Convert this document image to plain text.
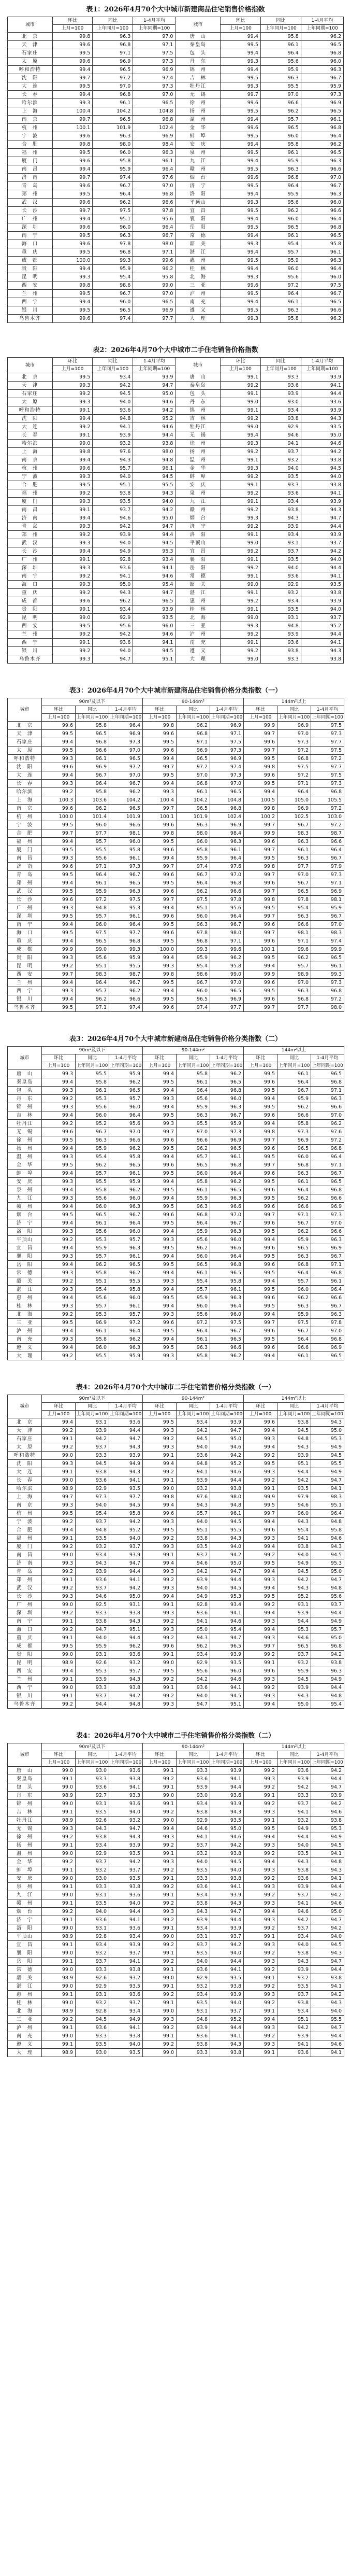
表1：2026年4月70个大中城市新建商品住宅销售价格指数
城市	环比	同比	1-4月平均	城市	环比	同比	1-4月平均
	上月=100	上年同月=100	上年同期=100		上月=100	上年同月=100	上年同期=100
北　京	99.8	96.3	97.0	唐　山	99.4	95.8	96.2
天　津	99.6	96.8	97.1	秦皇岛	99.5	96.1	96.5
石家庄	99.5	97.1	97.5	包　头	99.4	96.4	96.8
太　原	99.6	96.9	97.3	丹　东	99.3	95.6	96.0
呼和浩特	99.4	96.5	96.9	锦　州	99.4	95.9	96.3
沈　阳	99.7	97.2	97.4	吉　林	99.5	96.3	96.7
大　连	99.5	97.0	97.3	牡丹江	99.3	95.5	95.9
长　春	99.4	96.8	97.0	无　锡	99.7	97.0	97.3
哈尔滨	99.3	96.1	96.5	徐　州	99.6	96.6	96.9
上　海	100.4	104.2	104.8	扬　州	99.5	96.2	96.5
南　京	99.7	96.5	96.8	温　州	99.4	95.7	96.1
杭　州	100.1	101.9	102.4	金　华	99.6	96.5	96.8
宁　波	99.6	96.3	96.9	蚌　埠	99.5	96.0	96.4
合　肥	99.8	98.0	98.4	安　庆	99.4	95.8	96.2
福　州	99.5	96.0	96.3	泉　州	99.5	96.1	96.5
厦　门	99.6	95.8	96.1	九　江	99.4	95.9	96.3
南　昌	99.4	95.9	96.4	赣　州	99.5	96.3	96.6
济　南	99.7	97.4	97.6	烟　台	99.6	96.8	97.0
青　岛	99.6	96.7	97.0	济　宁	99.5	96.4	96.7
郑　州	99.5	96.4	96.8	洛　阳	99.4	95.9	96.3
武　汉	99.6	96.2	96.6	平顶山	99.3	95.6	96.0
长　沙	99.7	97.5	97.8	宜　昌	99.5	96.2	96.6
广　州	99.4	95.1	95.6	襄　阳	99.4	96.0	96.4
深　圳	99.6	96.0	96.4	岳　阳	99.5	96.5	96.8
南　宁	99.5	96.3	96.7	常　德	99.4	96.1	96.5
海　口	99.6	97.8	98.0	韶　关	99.3	95.4	95.8
重　庆	99.5	96.8	97.1	湛　江	99.4	95.7	96.1
成　都	100.0	99.3	99.6	惠　州	99.5	95.9	96.3
贵　阳	99.4	95.9	96.2	桂　林	99.4	96.0	96.4
昆　明	99.3	95.4	95.8	北　海	99.3	95.6	96.0
西　安	99.8	98.6	99.0	三　亚	99.6	97.2	97.5
兰　州	99.5	96.7	97.0	泸　州	99.5	96.4	96.7
西　宁	99.4	96.0	96.5	南　充	99.4	96.1	96.5
银　川	99.5	96.5	96.9	遵　义	99.5	96.3	96.6
乌鲁木齐	99.6	97.4	97.7	大　理	99.3	95.8	96.2
表2：2026年4月70个大中城市二手住宅销售价格指数
城市	环比	同比	1-4月平均	城市	环比	同比	1-4月平均
	上月=100	上年同月=100	上年同期=100		上月=100	上年同月=100	上年同期=100
北　京	99.5	93.4	93.9	唐　山	99.1	93.3	93.9
天　津	99.3	94.2	94.7	秦皇岛	99.2	93.6	94.1
石家庄	99.2	94.5	95.0	包　头	99.1	93.9	94.4
太　原	99.3	94.0	94.6	丹　东	99.0	93.0	93.6
呼和浩特	99.1	93.6	94.2	锦　州	99.1	93.4	93.9
沈　阳	99.4	94.8	95.2	吉　林	99.2	93.8	94.3
大　连	99.2	94.1	94.6	牡丹江	99.0	92.9	93.5
长　春	99.1	93.9	94.4	无　锡	99.4	94.6	95.0
哈尔滨	99.0	93.2	93.8	徐　州	99.3	94.1	94.6
上　海	99.8	97.6	98.0	扬　州	99.2	93.7	94.2
南　京	99.4	94.3	94.8	温　州	99.1	93.2	93.8
杭　州	99.6	95.7	96.1	金　华	99.3	94.0	94.5
宁　波	99.3	94.0	94.5	蚌　埠	99.2	93.5	94.0
合　肥	99.5	95.1	95.5	安　庆	99.1	93.3	93.8
福　州	99.2	93.8	94.3	泉　州	99.2	93.6	94.1
厦　门	99.3	93.5	94.0	九　江	99.1	93.4	93.9
南　昌	99.1	93.7	94.2	赣　州	99.2	93.8	94.3
济　南	99.4	94.6	95.0	烟　台	99.3	94.3	94.7
青　岛	99.3	94.2	94.7	济　宁	99.2	93.9	94.4
郑　州	99.2	93.9	94.4	洛　阳	99.1	93.4	93.9
武　汉	99.3	94.0	94.5	平顶山	99.0	93.1	93.7
长　沙	99.4	94.9	95.3	宜　昌	99.2	93.7	94.2
广　州	99.1	92.8	93.4	襄　阳	99.1	93.5	94.0
深　圳	99.3	93.6	94.1	岳　阳	99.2	94.0	94.4
南　宁	99.2	94.1	94.6	常　德	99.1	93.6	94.1
海　口	99.3	95.0	95.4	韶　关	99.0	92.9	93.5
重　庆	99.2	94.3	94.7	湛　江	99.1	93.2	93.8
成　都	99.6	96.2	96.5	惠　州	99.2	93.4	93.9
贵　阳	99.1	93.4	93.9	桂　林	99.1	93.5	94.0
昆　明	99.0	92.9	93.5	北　海	99.0	93.1	93.7
西　安	99.5	95.6	96.0	三　亚	99.3	94.8	95.2
兰　州	99.2	94.2	94.6	泸　州	99.2	93.9	94.4
西　宁	99.1	93.6	94.1	南　充	99.1	93.6	94.1
银　川	99.2	94.0	94.5	遵　义	99.2	93.8	94.3
乌鲁木齐	99.3	94.7	95.1	大　理	99.0	93.3	93.8
表3：2026年4月70个大中城市新建商品住宅销售价格分类指数（一）
城市	90m²及以下			90-144m²			144m²以上		
	环比	同比	1-4月平均	环比	同比	1-4月平均	环比	同比	1-4月平均
	上月=100	上年同月=100	上年同期=100	上月=100	上年同月=100	上年同期=100	上月=100	上年同月=100	上年同期=100
北　京	99.6	95.8	96.4	99.8	96.2	96.9	99.9	96.9	97.5
天　津	99.5	96.5	96.9	99.6	96.8	97.1	99.7	97.0	97.3
石家庄	99.4	96.8	97.3	99.5	97.1	97.5	99.6	97.3	97.7
太　原	99.5	96.6	97.0	99.6	96.9	97.3	99.7	97.2	97.5
呼和浩特	99.3	96.1	96.5	99.4	96.5	96.9	99.5	96.8	97.2
沈　阳	99.6	96.9	97.2	99.7	97.2	97.4	99.8	97.5	97.7
大　连	99.4	96.7	97.0	99.5	97.0	97.3	99.6	97.2	97.5
长　春	99.3	96.4	96.7	99.4	96.8	97.0	99.5	97.1	97.3
哈尔滨	99.2	95.8	96.2	99.3	96.1	96.5	99.4	96.4	96.8
上　海	100.3	103.6	104.2	100.4	104.2	104.8	100.5	105.0	105.5
南　京	99.6	96.2	96.5	99.7	96.5	96.8	99.8	96.9	97.2
杭　州	100.0	101.4	101.9	100.1	101.9	102.4	100.2	102.5	103.0
宁　波	99.5	96.0	96.6	99.6	96.3	96.9	99.7	96.7	97.2
合　肥	99.7	97.7	98.1	99.8	98.0	98.4	99.9	98.3	98.7
福　州	99.4	95.7	96.0	99.5	96.0	96.3	99.6	96.3	96.6
厦　门	99.5	95.5	95.8	99.6	95.8	96.1	99.7	96.1	96.4
南　昌	99.3	95.6	96.1	99.4	95.9	96.4	99.5	96.3	96.7
济　南	99.6	97.1	97.3	99.7	97.4	97.6	99.8	97.7	97.9
青　岛	99.5	96.4	96.7	99.6	96.7	97.0	99.7	97.0	97.3
郑　州	99.4	96.1	96.5	99.5	96.4	96.8	99.6	96.7	97.1
武　汉	99.5	95.9	96.3	99.6	96.2	96.6	99.7	96.5	96.9
长　沙	99.6	97.2	97.5	99.7	97.5	97.8	99.8	97.8	98.1
广　州	99.3	94.8	95.3	99.4	95.1	95.6	99.5	95.4	95.9
深　圳	99.5	95.7	96.1	99.6	96.0	96.4	99.7	96.3	96.7
南　宁	99.4	96.0	96.4	99.5	96.3	96.7	99.6	96.6	97.0
海　口	99.5	97.5	97.7	99.6	97.8	98.0	99.7	98.1	98.3
重　庆	99.4	96.5	96.8	99.5	96.8	97.1	99.6	97.1	97.4
成　都	99.9	99.0	99.3	100.0	99.3	99.6	100.1	99.6	99.9
贵　阳	99.3	95.6	95.9	99.4	95.9	96.2	99.5	96.2	96.5
昆　明	99.2	95.1	95.5	99.3	95.4	95.8	99.4	95.7	96.1
西　安	99.7	98.3	98.7	99.8	98.6	99.0	99.9	98.9	99.3
兰　州	99.4	96.4	96.7	99.5	96.7	97.0	99.6	97.0	97.3
西　宁	99.3	95.7	96.2	99.4	96.0	96.5	99.5	96.3	96.8
银　川	99.4	96.2	96.6	99.5	96.5	96.9	99.6	96.8	97.2
乌鲁木齐	99.5	97.1	97.4	99.6	97.4	97.7	99.7	97.7	98.0
表3：2026年4月70个大中城市新建商品住宅销售价格分类指数（二）
城市	90m²及以下			90-144m²			144m²以上		
	环比	同比	1-4月平均	环比	同比	1-4月平均	环比	同比	1-4月平均
	上月=100	上年同月=100	上年同期=100	上月=100	上年同月=100	上年同期=100	上月=100	上年同月=100	上年同期=100
唐　山	99.3	95.5	95.9	99.4	95.8	96.2	99.5	96.1	96.5
秦皇岛	99.4	95.8	96.2	99.5	96.1	96.5	99.6	96.4	96.8
包　头	99.3	96.1	96.5	99.4	96.4	96.8	99.5	96.7	97.1
丹　东	99.2	95.3	95.7	99.3	95.6	96.0	99.4	95.9	96.3
锦　州	99.3	95.6	96.0	99.4	95.9	96.3	99.5	96.2	96.6
吉　林	99.4	96.0	96.4	99.5	96.3	96.7	99.6	96.6	97.0
牡丹江	99.2	95.2	95.6	99.3	95.5	95.9	99.4	95.8	96.2
无　锡	99.6	96.7	97.0	99.7	97.0	97.3	99.8	97.3	97.6
徐　州	99.5	96.3	96.6	99.6	96.6	96.9	99.7	96.9	97.2
扬　州	99.4	95.9	96.2	99.5	96.2	96.5	99.6	96.5	96.8
温　州	99.3	95.4	95.8	99.4	95.7	96.1	99.5	96.0	96.4
金　华	99.5	96.2	96.5	99.6	96.5	96.8	99.7	96.8	97.1
蚌　埠	99.4	95.7	96.1	99.5	96.0	96.4	99.6	96.3	96.7
安　庆	99.3	95.5	95.9	99.4	95.8	96.2	99.5	96.1	96.5
泉　州	99.4	95.8	96.2	99.5	96.1	96.5	99.6	96.4	96.8
九　江	99.3	95.6	96.0	99.4	95.9	96.3	99.5	96.2	96.6
赣　州	99.4	96.0	96.3	99.5	96.3	96.6	99.6	96.6	96.9
烟　台	99.5	96.5	96.7	99.6	96.8	97.0	99.7	97.1	97.3
济　宁	99.4	96.1	96.4	99.5	96.4	96.7	99.6	96.7	97.0
洛　阳	99.3	95.6	96.0	99.4	95.9	96.3	99.5	96.2	96.6
平顶山	99.2	95.3	95.7	99.3	95.6	96.0	99.4	95.9	96.3
宜　昌	99.4	95.9	96.3	99.5	96.2	96.6	99.6	96.5	96.9
襄　阳	99.3	95.7	96.1	99.4	96.0	96.4	99.5	96.3	96.7
岳　阳	99.4	96.2	96.5	99.5	96.5	96.8	99.6	96.8	97.1
常　德	99.3	95.8	96.2	99.4	96.1	96.5	99.5	96.4	96.8
韶　关	99.2	95.1	95.5	99.3	95.4	95.8	99.4	95.7	96.1
湛　江	99.3	95.4	95.8	99.4	95.7	96.1	99.5	96.0	96.4
惠　州	99.4	95.6	96.0	99.5	95.9	96.3	99.6	96.2	96.6
桂　林	99.3	95.7	96.1	99.4	96.0	96.4	99.5	96.3	96.7
北　海	99.2	95.3	95.7	99.3	95.6	96.0	99.4	95.9	96.3
三　亚	99.5	96.9	97.2	99.6	97.2	97.5	99.7	97.5	97.8
泸　州	99.4	96.1	96.4	99.5	96.4	96.7	99.6	96.7	97.0
南　充	99.3	95.8	96.2	99.4	96.1	96.5	99.5	96.4	96.8
遵　义	99.4	96.0	96.3	99.5	96.3	96.6	99.6	96.6	96.9
大　理	99.2	95.5	95.9	99.3	95.8	96.2	99.4	96.1	96.5
表4：2026年4月70个大中城市二手住宅销售价格分类指数（一）
城市	90m²及以下			90-144m²			144m²以上		
	环比	同比	1-4月平均	环比	同比	1-4月平均	环比	同比	1-4月平均
	上月=100	上年同月=100	上年同期=100	上月=100	上年同月=100	上年同期=100	上月=100	上年同月=100	上年同期=100
北　京	99.4	93.1	93.6	99.5	93.4	93.9	99.6	93.8	94.3
天　津	99.2	93.9	94.4	99.3	94.2	94.7	99.4	94.5	95.0
石家庄	99.1	94.2	94.7	99.2	94.5	95.0	99.3	94.8	95.3
太　原	99.2	93.7	94.3	99.3	94.0	94.6	99.4	94.3	94.9
呼和浩特	99.0	93.3	93.9	99.1	93.6	94.2	99.2	93.9	94.5
沈　阳	99.3	94.5	94.9	99.4	94.8	95.2	99.5	95.1	95.5
大　连	99.1	93.8	94.3	99.2	94.1	94.6	99.3	94.4	94.9
长　春	99.0	93.6	94.1	99.1	93.9	94.4	99.2	94.2	94.7
哈尔滨	98.9	92.9	93.5	99.0	93.2	93.8	99.1	93.5	94.1
上　海	99.7	97.3	97.7	99.8	97.6	98.0	99.9	97.9	98.3
南　京	99.3	94.0	94.5	99.4	94.3	94.8	99.5	94.6	95.1
杭　州	99.5	95.4	95.8	99.6	95.7	96.1	99.7	96.0	96.4
宁　波	99.2	93.7	94.2	99.3	94.0	94.5	99.4	94.3	94.8
合　肥	99.4	94.8	95.2	99.5	95.1	95.5	99.6	95.4	95.8
福　州	99.1	93.5	94.0	99.2	93.8	94.3	99.3	94.1	94.6
厦　门	99.2	93.2	93.7	99.3	93.5	94.0	99.4	93.8	94.3
南　昌	99.0	93.4	93.9	99.1	93.7	94.2	99.2	94.0	94.5
济　南	99.3	94.3	94.7	99.4	94.6	95.0	99.5	94.9	95.3
青　岛	99.2	93.9	94.4	99.3	94.2	94.7	99.4	94.5	95.0
郑　州	99.1	93.6	94.1	99.2	93.9	94.4	99.3	94.2	94.7
武　汉	99.2	93.7	94.2	99.3	94.0	94.5	99.4	94.3	94.8
长　沙	99.3	94.6	95.0	99.4	94.9	95.3	99.5	95.2	95.6
广　州	99.0	92.5	93.1	99.1	92.8	93.4	99.2	93.1	93.7
深　圳	99.2	93.3	93.8	99.3	93.6	94.1	99.4	93.9	94.4
南　宁	99.1	93.8	94.3	99.2	94.1	94.6	99.3	94.4	94.9
海　口	99.2	94.7	95.1	99.3	95.0	95.4	99.4	95.3	95.7
重　庆	99.1	94.0	94.4	99.2	94.3	94.7	99.3	94.6	95.0
成　都	99.5	95.9	96.2	99.6	96.2	96.5	99.7	96.5	96.8
贵　阳	99.0	93.1	93.6	99.1	93.4	93.9	99.2	93.7	94.2
昆　明	98.9	92.6	93.2	99.0	92.9	93.5	99.1	93.2	93.8
西　安	99.4	95.3	95.7	99.5	95.6	96.0	99.6	95.9	96.3
兰　州	99.1	93.9	94.3	99.2	94.2	94.6	99.3	94.5	94.9
西　宁	99.0	93.3	93.8	99.1	93.6	94.1	99.2	93.9	94.4
银　川	99.1	93.7	94.2	99.2	94.0	94.5	99.3	94.3	94.8
乌鲁木齐	99.2	94.4	94.8	99.3	94.7	95.1	99.4	95.0	95.4
表4：2026年4月70个大中城市二手住宅销售价格分类指数（二）
城市	90m²及以下			90-144m²			144m²以上		
	环比	同比	1-4月平均	环比	同比	1-4月平均	环比	同比	1-4月平均
	上月=100	上年同月=100	上年同期=100	上月=100	上年同月=100	上年同期=100	上月=100	上年同月=100	上年同期=100
唐　山	99.0	93.0	93.6	99.1	93.3	93.9	99.2	93.6	94.2
秦皇岛	99.1	93.3	93.8	99.2	93.6	94.1	99.3	93.9	94.4
包　头	99.0	93.6	94.1	99.1	93.9	94.4	99.2	94.2	94.7
丹　东	98.9	92.7	93.3	99.0	93.0	93.6	99.1	93.3	93.9
锦　州	99.0	93.1	93.6	99.1	93.4	93.9	99.2	93.7	94.2
吉　林	99.1	93.5	94.0	99.2	93.8	94.3	99.3	94.1	94.6
牡丹江	98.9	92.6	93.2	99.0	92.9	93.5	99.1	93.2	93.8
无　锡	99.3	94.3	94.7	99.4	94.6	95.0	99.5	94.9	95.3
徐　州	99.2	93.8	94.3	99.3	94.1	94.6	99.4	94.4	94.9
扬　州	99.1	93.4	93.9	99.2	93.7	94.2	99.3	94.0	94.5
温　州	99.0	92.9	93.5	99.1	93.2	93.8	99.2	93.5	94.1
金　华	99.2	93.7	94.2	99.3	94.0	94.5	99.4	94.3	94.8
蚌　埠	99.1	93.2	93.7	99.2	93.5	94.0	99.3	93.8	94.3
安　庆	99.0	93.0	93.5	99.1	93.3	93.8	99.2	93.6	94.1
泉　州	99.1	93.3	93.8	99.2	93.6	94.1	99.3	93.9	94.4
九　江	99.0	93.1	93.6	99.1	93.4	93.9	99.2	93.7	94.2
赣　州	99.1	93.5	94.0	99.2	93.8	94.3	99.3	94.1	94.6
烟　台	99.2	94.0	94.4	99.3	94.3	94.7	99.4	94.6	95.0
济　宁	99.1	93.6	94.1	99.2	93.9	94.4	99.3	94.2	94.7
洛　阳	99.0	93.1	93.6	99.1	93.4	93.9	99.2	93.7	94.2
平顶山	98.9	92.8	93.4	99.0	93.1	93.7	99.1	93.4	94.0
宜　昌	99.1	93.4	93.9	99.2	93.7	94.2	99.3	94.0	94.5
襄　阳	99.0	93.2	93.7	99.1	93.5	94.0	99.2	93.8	94.3
岳　阳	99.1	93.7	94.1	99.2	94.0	94.4	99.3	94.3	94.7
常　德	99.0	93.3	93.8	99.1	93.6	94.1	99.2	93.9	94.4
韶　关	98.9	92.6	93.2	99.0	92.9	93.5	99.1	93.2	93.8
湛　江	99.0	92.9	93.5	99.1	93.2	93.8	99.2	93.5	94.1
惠　州	99.1	93.1	93.6	99.2	93.4	93.9	99.3	93.7	94.2
桂　林	99.0	93.2	93.7	99.1	93.5	94.0	99.2	93.8	94.3
北　海	98.9	92.8	93.4	99.0	93.1	93.7	99.1	93.4	94.0
三　亚	99.2	94.5	94.9	99.3	94.8	95.2	99.4	95.1	95.5
泸　州	99.1	93.6	94.1	99.2	93.9	94.4	99.3	94.2	94.7
南　充	99.0	93.3	93.8	99.1	93.6	94.1	99.2	93.9	94.4
遵　义	99.1	93.5	94.0	99.2	93.8	94.3	99.3	94.1	94.6
大　理	98.9	93.0	93.5	99.0	93.3	93.8	99.1	93.6	94.1
